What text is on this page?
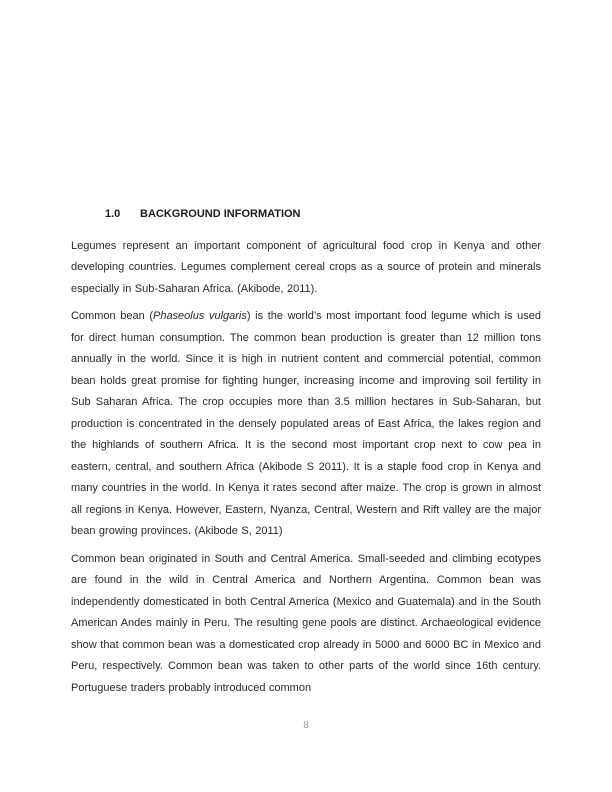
1.0 BACKGROUND INFORMATION

Legumes represent an important component of agricultural food crop in Kenya and other developing countries. Legumes complement cereal crops as a source of protein and minerals especially in Sub-Saharan Africa. (Akibode, 2011).

Common bean (Phaseolus vulgaris) is the world’s most important food legume which is used for direct human consumption. The common bean production is greater than 12 million tons annually in the world. Since it is high in nutrient content and commercial potential, common bean holds great promise for fighting hunger, increasing income and improving soil fertility in Sub Saharan Africa. The crop occupies more than 3.5 million hectares in Sub-Saharan, but production is concentrated in the densely populated areas of East Africa, the lakes region and the highlands of southern Africa. It is the second most important crop next to cow pea in eastern, central, and southern Africa (Akibode S 2011). It is a staple food crop in Kenya and many countries in the world. In Kenya it rates second after maize. The crop is grown in almost all regions in Kenya. However, Eastern, Nyanza, Central, Western and Rift valley are the major bean growing provinces. (Akibode S, 2011)

Common bean originated in South and Central America. Small-seeded and climbing ecotypes are found in the wild in Central America and Northern Argentina. Common bean was independently domesticated in both Central America (Mexico and Guatemala) and in the South American Andes mainly in Peru. The resulting gene pools are distinct. Archaeological evidence show that common bean was a domesticated crop already in 5000 and 6000 BC in Mexico and Peru, respectively. Common bean was taken to other parts of the world since 16th century. Portuguese traders probably introduced common

8
